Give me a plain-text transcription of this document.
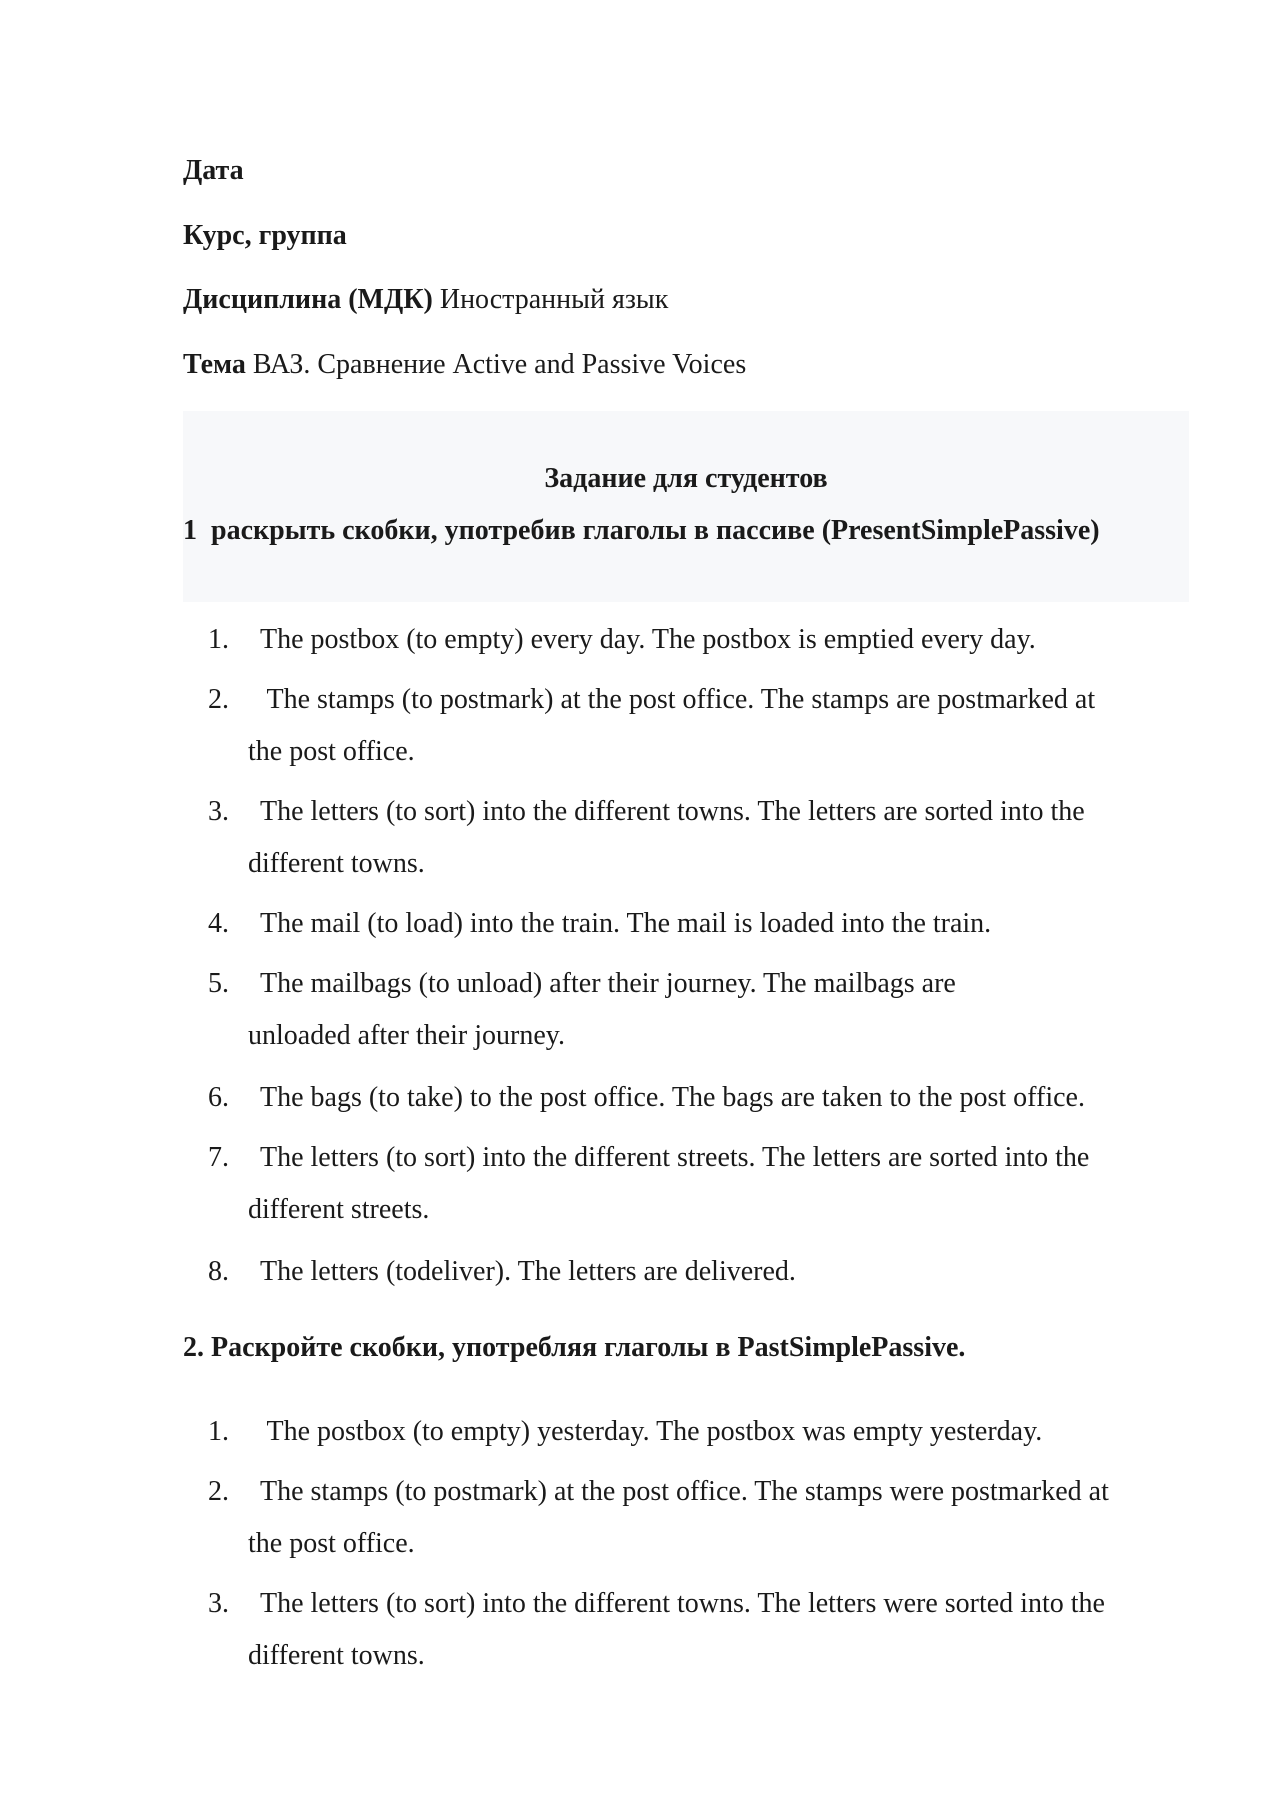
Дата
Курс, группа
Дисциплина (МДК) Иностранный язык
Тема ВАЗ. Сравнение Active and Passive Voices
Задание для студентов
1 раскрыть скобки, употребив глаголы в пассиве (PresentSimplePassive)
1. The postbox (to empty) every day. The postbox is emptied every day.
2. The stamps (to postmark) at the post office. The stamps are postmarked at
the post office.
3. The letters (to sort) into the different towns. The letters are sorted into the
different towns.
4. The mail (to load) into the train. The mail is loaded into the train.
5. The mailbags (to unload) after their journey. The mailbags are
unloaded after their journey.
6. The bags (to take) to the post office. The bags are taken to the post office.
7. The letters (to sort) into the different streets. The letters are sorted into the
different streets.
8. The letters (todeliver). The letters are delivered.
2. Раскройте скобки, употребляя глаголы в PastSimplePassive.
1. The postbox (to empty) yesterday. The postbox was empty yesterday.
2. The stamps (to postmark) at the post office. The stamps were postmarked at
the post office.
3. The letters (to sort) into the different towns. The letters were sorted into the
different towns.
